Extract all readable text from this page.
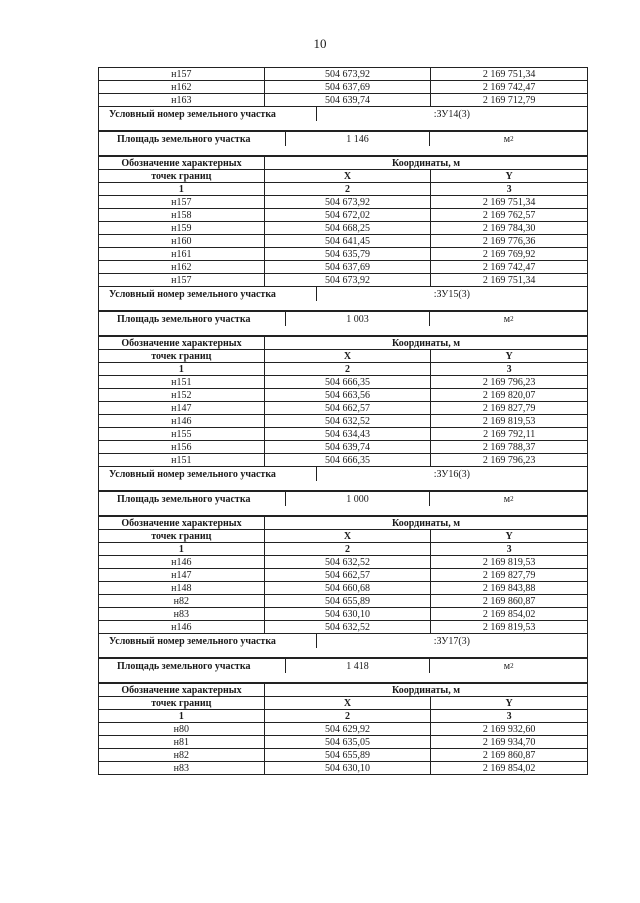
10
н157	504 673,92	2 169 751,34
н162	504 637,69	2 169 742,47
н163	504 639,74	2 169 712,79
Условный номер земельного участка	:ЗУ14(3)
Площадь земельного участка	1 146	м 2
Обозначение характерных	Координаты, м
точек границ	X	Y
1	2	3
н157	504 673,92	2 169 751,34
н158	504 672,02	2 169 762,57
н159	504 668,25	2 169 784,30
н160	504 641,45	2 169 776,36
н161	504 635,79	2 169 769,92
н162	504 637,69	2 169 742,47
н157	504 673,92	2 169 751,34
Условный номер земельного участка	:ЗУ15(3)
Площадь земельного участка	1 003	м 2
Обозначение характерных	Координаты, м
точек границ	X	Y
1	2	3
н151	504 666,35	2 169 796,23
н152	504 663,56	2 169 820,07
н147	504 662,57	2 169 827,79
н146	504 632,52	2 169 819,53
н155	504 634,43	2 169 792,11
н156	504 639,74	2 169 788,37
н151	504 666,35	2 169 796,23
Условный номер земельного участка	:ЗУ16(3)
Площадь земельного участка	1 000	м 2
Обозначение характерных	Координаты, м
точек границ	X	Y
1	2	3
н146	504 632,52	2 169 819,53
н147	504 662,57	2 169 827,79
н148	504 660,68	2 169 843,88
н82	504 655,89	2 169 860,87
н83	504 630,10	2 169 854,02
н146	504 632,52	2 169 819,53
Условный номер земельного участка	:ЗУ17(3)
Площадь земельного участка	1 418	м 2
Обозначение характерных	Координаты, м
точек границ	X	Y
1	2	3
н80	504 629,92	2 169 932,60
н81	504 635,05	2 169 934,70
н82	504 655,89	2 169 860,87
н83	504 630,10	2 169 854,02
